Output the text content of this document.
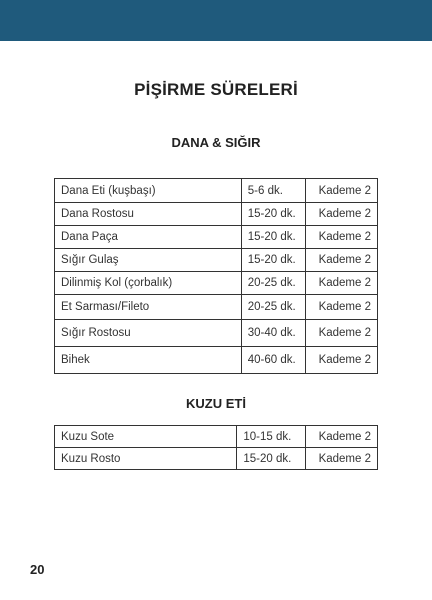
PİŞİRME SÜRELERİ
DANA & SIĞIR
Dana Eti (kuşbaşı)	5-6 dk.	Kademe 2
Dana Rostosu	15-20 dk.	Kademe 2
Dana Paça	15-20 dk.	Kademe 2
Sığır Gulaş	15-20 dk.	Kademe 2
Dilinmiş Kol (çorbalık)	20-25 dk.	Kademe 2
Et Sarması/Fileto	20-25 dk.	Kademe 2
Sığır Rostosu	30-40 dk.	Kademe 2
Bihek	40-60 dk.	Kademe 2
KUZU ETİ
Kuzu Sote	10-15 dk.	Kademe 2
Kuzu Rosto	15-20 dk.	Kademe 2
20
